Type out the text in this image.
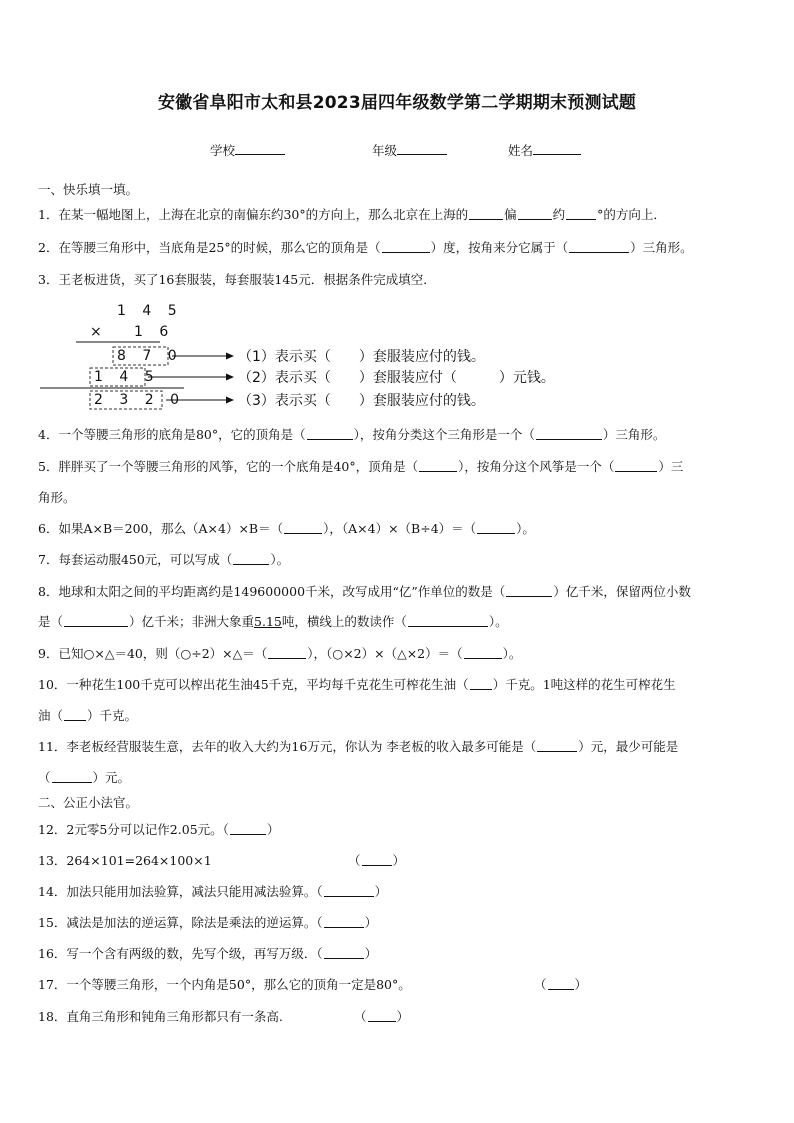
安徽省阜阳市太和县2023届四年级数学第二学期期末预测试题
学校	年级	姓名
一、快乐填一填。
1．在某一幅地图上，上海在北京的南偏东约30°的方向上，那么北京在上海的	偏	约	°的方向上．
2．在等腰三角形中，当底角是25°的时候，那么它的顶角是（	）度，按角来分它属于（	）三角形。
3．王老板进货，买了16套服装，每套服装145元．根据条件完成填空．
1 4 5
× 1 6
8 7 0
1 4 5
2 3 2 0
（1）表示买（　　）套服装应付的钱。
（2）表示买（　　）套服装应付（　　　）元钱。
（3）表示买（　　）套服装应付的钱。
4．一个等腰三角形的底角是80°，它的顶角是（	），按角分类这个三角形是一个（	）三角形。
5．胖胖买了一个等腰三角形的风筝，它的一个底角是40°，顶角是（	），按角分这个风筝是一个（	）三
角形。
6．如果A×B＝200，那么（A×4）×B＝（	），（A×4）×（B÷4）＝（	）。
7．每套运动服450元，可以写成（	）。
8．地球和太阳之间的平均距离约是149600000千米，改写成用“亿”作单位的数是（	）亿千米，保留两位小数
是（	）亿千米；非洲大象重5.15吨，横线上的数读作（	）。
9．已知○×△＝40，则（○÷2）×△＝（	），（○×2）×（△×2）＝（	）。
10．一种花生100千克可以榨出花生油45千克，平均每千克花生可榨花生油（ ）千克。1吨这样的花生可榨花生
油（ ）千克。
11．李老板经营服装生意，去年的收入大约为16万元，你认为 李老板的收入最多可能是（	）元，最少可能是
（	）元。
二、公正小法官。
12．2元零5分可以记作2.05元。（	）
13．264×101=264×100×1	（	）
14．加法只能用加法验算，减法只能用减法验算。（	）
15．减法是加法的逆运算，除法是乘法的逆运算。（	）
16．写一个含有两级的数，先写个级，再写万级．（	）
17．一个等腰三角形，一个内角是50°，那么它的顶角一定是80°。	（ ）
18．直角三角形和钝角三角形都只有一条高.	（ ）
